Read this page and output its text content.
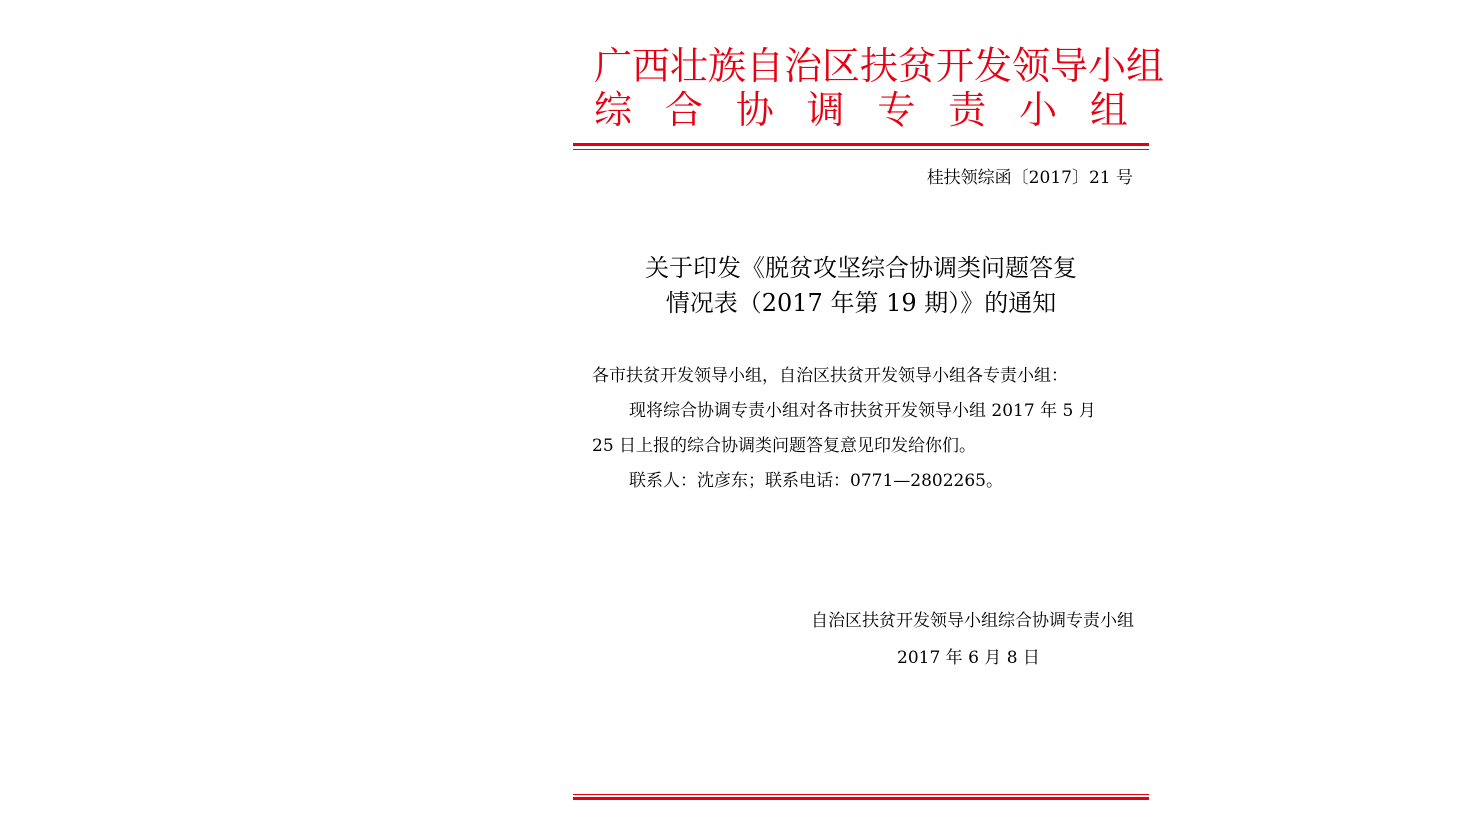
广西壮族自治区扶贫开发领导小组
综 合 协 调 专 责 小 组
桂扶领综函〔2017〕21 号
关于印发《脱贫攻坚综合协调类问题答复
情况表（2017 年第 19 期）》的通知
各市扶贫开发领导小组，自治区扶贫开发领导小组各专责小组：
现将综合协调专责小组对各市扶贫开发领导小组 2017 年 5 月
25 日上报的综合协调类问题答复意见印发给你们。
联系人：沈彦东；联系电话：0771—2802265。
自治区扶贫开发领导小组综合协调专责小组
2017 年 6 月 8 日
